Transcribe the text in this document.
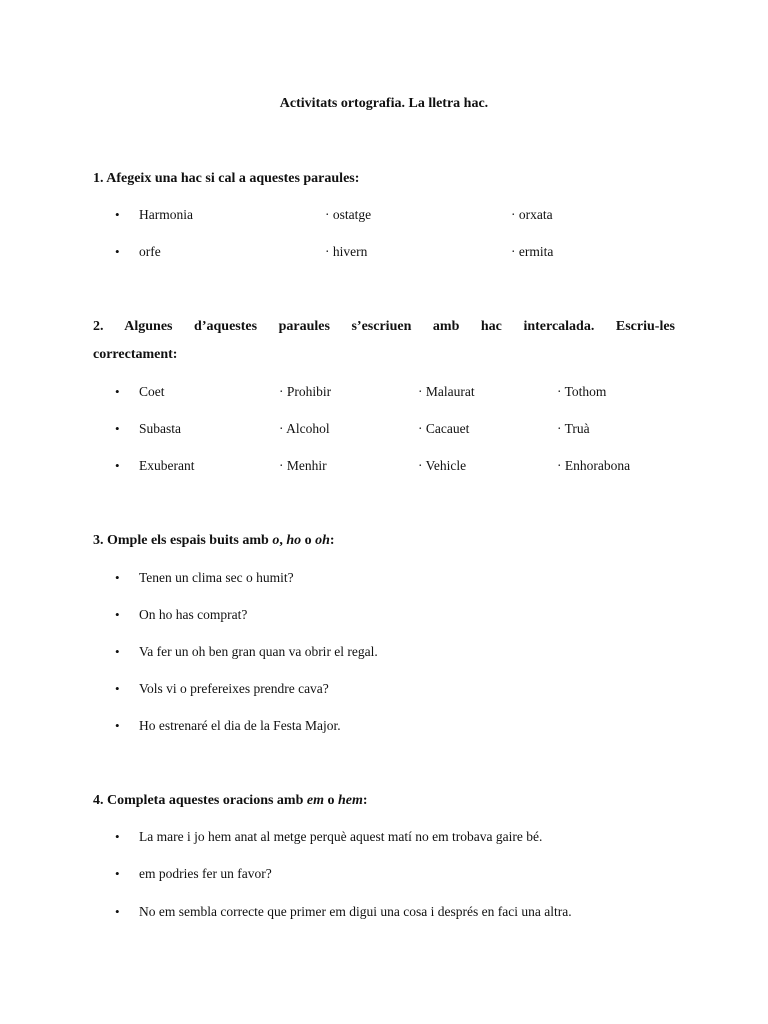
Activitats ortografia. La lletra hac.
1. Afegeix una hac si cal a aquestes paraules:
• Harmonia	· ostatge	· orxata
• orfe	· hivern	· ermita
2. Algunes d’aquestes paraules s’escriuen amb hac intercalada. Escriu-les
correctament:
• Coet	· Prohibir	· Malaurat	· Tothom
• Subasta	· Alcohol	· Cacauet	· Truà
• Exuberant	· Menhir	· Vehicle	· Enhorabona
3. Omple els espais buits amb o, ho o oh:
• Tenen un clima sec o humit?
• On ho has comprat?
• Va fer un oh ben gran quan va obrir el regal.
• Vols vi o prefereixes prendre cava?
• Ho estrenaré el dia de la Festa Major.
4. Completa aquestes oracions amb em o hem:
• La mare i jo hem anat al metge perquè aquest matí no em trobava gaire bé.
• em podries fer un favor?
• No em sembla correcte que primer em digui una cosa i després en faci una altra.
